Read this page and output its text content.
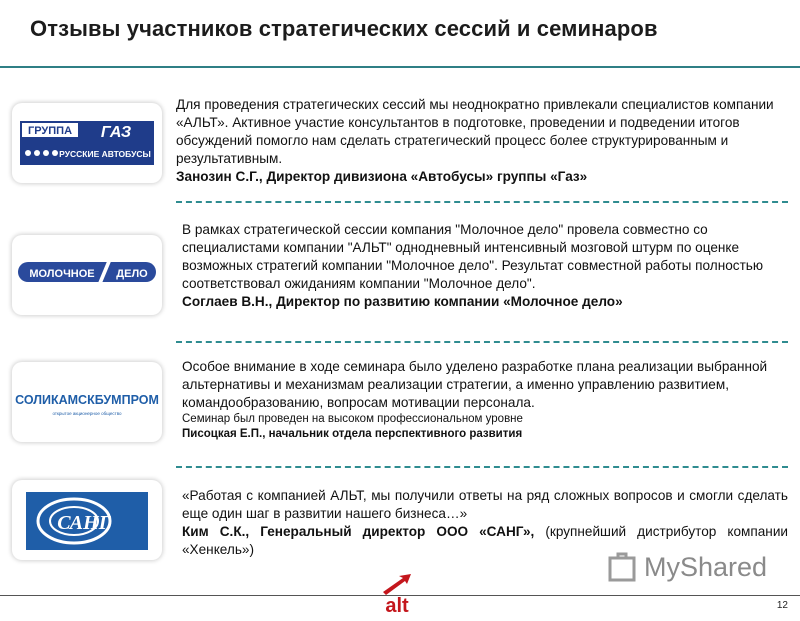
Отзывы участников стратегических сессий и семинаров
ГРУППА ГАЗ
РУССКИЕ АВТОБУСЫ

Для проведения стратегических сессий мы неоднократно привлекали специалистов компании «АЛЬТ». Активное участие консультантов в подготовке, проведении и подведении итогов обсуждений помогло нам сделать стратегический процесс более структурированным и результативным.

Занозин С.Г., Директор дивизиона «Автобусы» группы «Газ»

МОЛОЧНОЕ ДЕЛО

В рамках стратегической сессии компания "Молочное дело" провела совместно со специалистами компании "АЛЬТ" однодневный интенсивный мозговой штурм по оценке возможных стратегий компании "Молочное дело". Результат совместной работы полностью соответствовал ожиданиям компании "Молочное дело".

Соглаев В.Н., Директор по развитию компании «Молочное дело»

СОЛИКАМСКБУМПРОМ
открытое акционерное общество

Особое внимание в ходе семинара было уделено разработке плана реализации выбранной альтернативы и механизмам реализации стратегии, а именно управлению развитием, командообразованию, вопросам мотивации персонала.

Семинар был проведен на высоком профессиональном уровне

Писоцкая Е.П., начальник отдела перспективного развития

САНГ

«Работая с компанией АЛЬТ, мы получили ответы на ряд сложных вопросов и смогли сделать еще один шаг в развитии нашего бизнеса…»

Ким С.К., Генеральный директор ООО «САНГ», (крупнейший дистрибутор компании «Хенкель»)

alt
MyShared
12
